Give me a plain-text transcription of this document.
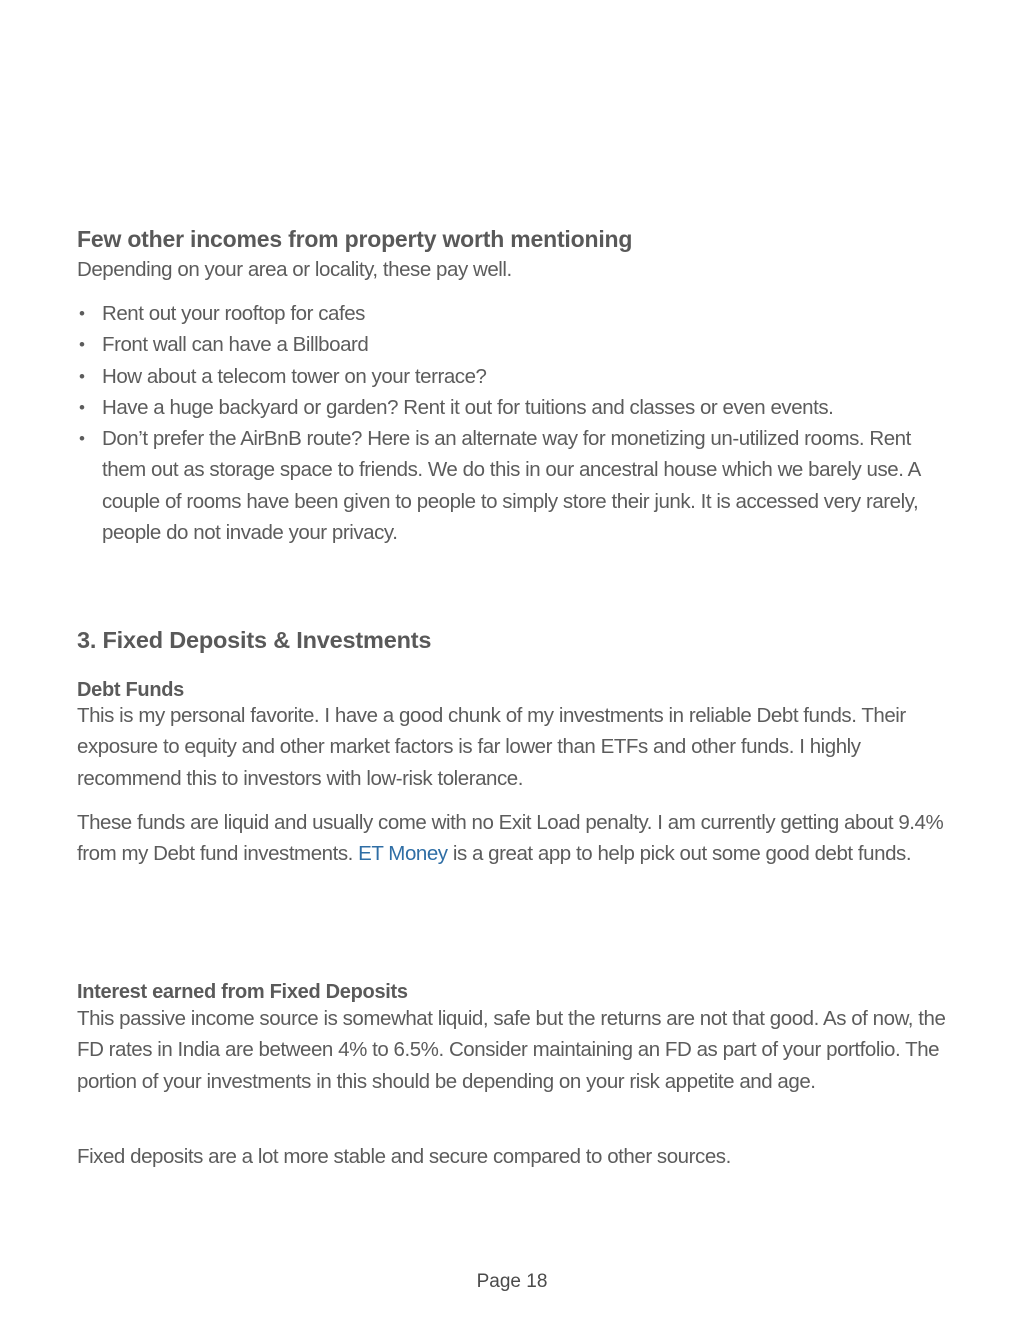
Few other incomes from property worth mentioning

Depending on your area or locality, these pay well.

• Rent out your rooftop for cafes
• Front wall can have a Billboard
• How about a telecom tower on your terrace?
• Have a huge backyard or garden? Rent it out for tuitions and classes or even events.
• Don’t prefer the AirBnB route? Here is an alternate way for monetizing un-utilized rooms. Rent them out as storage space to friends. We do this in our ancestral house which we barely use. A couple of rooms have been given to people to simply store their junk. It is accessed very rarely, people do not invade your privacy.
3. Fixed Deposits & Investments
Debt Funds

This is my personal favorite. I have a good chunk of my investments in reliable Debt funds. Their exposure to equity and other market factors is far lower than ETFs and other funds. I highly recommend this to investors with low-risk tolerance.

These funds are liquid and usually come with no Exit Load penalty. I am currently getting about 9.4% from my Debt fund investments. ET Money is a great app to help pick out some good debt funds.

Interest earned from Fixed Deposits

This passive income source is somewhat liquid, safe but the returns are not that good. As of now, the FD rates in India are between 4% to 6.5%. Consider maintaining an FD as part of your portfolio. The portion of your investments in this should be depending on your risk appetite and age.

Fixed deposits are a lot more stable and secure compared to other sources.

Page 18
